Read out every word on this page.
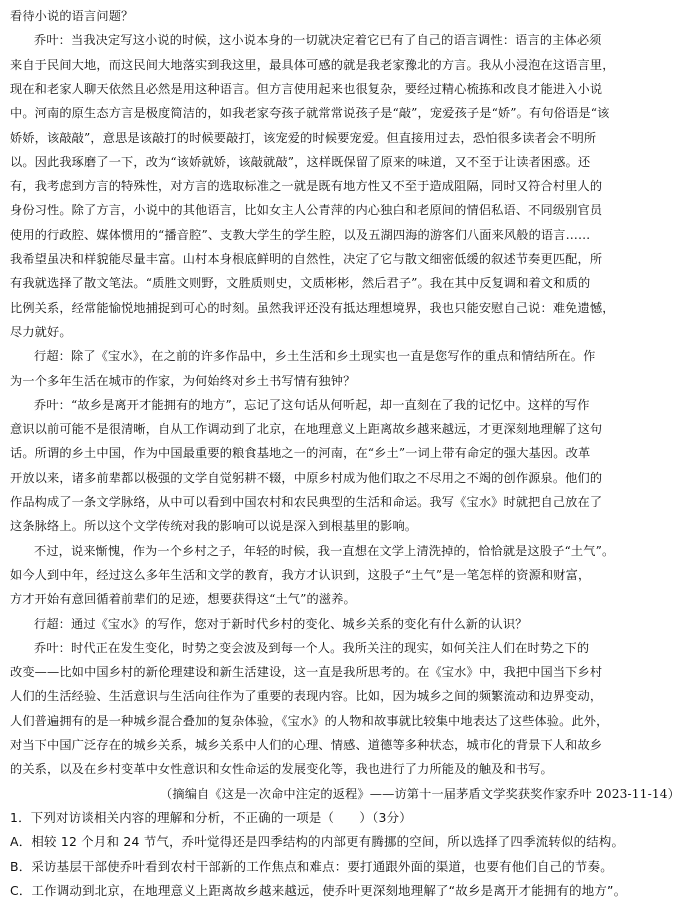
看待小说的语言问题？
乔叶：当我决定写这小说的时候，这小说本身的一切就决定着它已有了自己的语言调性：语言的主体必须
来自于民间大地，而这民间大地落实到我这里，最具体可感的就是我老家豫北的方言。我从小浸泡在这语言里，
现在和老家人聊天依然且必然是用这种语言。但方言使用起来也很复杂，要经过精心梳拣和改良才能进入小说
中。河南的原生态方言是极度简洁的，如我老家夸孩子就常常说孩子是“敲”，宠爱孩子是“娇”。有句俗语是“该
娇娇，该敲敲”，意思是该敲打的时候要敲打，该宠爱的时候要宠爱。但直接用过去，恐怕很多读者会不明所
以。因此我琢磨了一下，改为“该娇就娇，该敲就敲”，这样既保留了原来的味道，又不至于让读者困惑。还
有，我考虑到方言的特殊性，对方言的选取标准之一就是既有地方性又不至于造成阻隔，同时又符合村里人的
身份习性。除了方言，小说中的其他语言，比如女主人公青萍的内心独白和老原间的情侣私语、不同级别官员
使用的行政腔、媒体惯用的“播音腔”、支教大学生的学生腔，以及五湖四海的游客们八面来风般的语言……
我希望虽决和样貌能尽量丰富。山村本身根底鲜明的自然性，决定了它与散文细密低缓的叙述节奏更匹配，所
有我就选择了散文笔法。“质胜文则野，文胜质则史，文质彬彬，然后君子”。我在其中反复调和着文和质的
比例关系，经常能愉悦地捕捉到可心的时刻。虽然我评还没有抵达理想境界，我也只能安慰自己说：难免遗憾，
尽力就好。
行超：除了《宝水》，在之前的许多作品中，乡土生活和乡土现实也一直是您写作的重点和情结所在。作
为一个多年生活在城市的作家，为何始终对乡土书写情有独钟？
乔叶：“故乡是离开才能拥有的地方”，忘记了这句话从何听起，却一直刻在了我的记忆中。这样的写作
意识以前可能不是很清晰，自从工作调动到了北京，在地理意义上距离故乡越来越远，才更深刻地理解了这句
话。所谓的乡土中国，作为中国最重要的粮食基地之一的河南，在“乡土”一词上带有命定的强大基因。改革
开放以来，诸多前辈都以极强的文学自觉躬耕不辍，中原乡村成为他们取之不尽用之不竭的创作源泉。他们的
作品构成了一条文学脉络，从中可以看到中国农村和农民典型的生活和命运。我写《宝水》时就把自己放在了
这条脉络上。所以这个文学传统对我的影响可以说是深入到根基里的影响。
不过，说来惭愧，作为一个乡村之子，年轻的时候，我一直想在文学上清洗掉的，恰恰就是这股子“土气”。
如今人到中年，经过这么多年生活和文学的教育，我方才认识到，这股子“土气”是一笔怎样的资源和财富，
方才开始有意回循着前辈们的足迹，想要获得这“土气”的滋养。
行超：通过《宝水》的写作，您对于新时代乡村的变化、城乡关系的变化有什么新的认识？
乔叶：时代正在发生变化，时势之变会波及到每一个人。我所关注的现实，如何关注人们在时势之下的
改变——比如中国乡村的新伦理建设和新生活建设，这一直是我所思考的。在《宝水》中，我把中国当下乡村
人们的生活经验、生活意识与生活向往作为了重要的表现内容。比如，因为城乡之间的频繁流动和边界变动，
人们普遍拥有的是一种城乡混合叠加的复杂体验，《宝水》的人物和故事就比较集中地表达了这些体验。此外，
对当下中国广泛存在的城乡关系，城乡关系中人们的心理、情感、道德等多种状态，城市化的背景下人和故乡
的关系，以及在乡村变革中女性意识和女性命运的发展变化等，我也进行了力所能及的触及和书写。
（摘编自《这是一次命中注定的返程》——访第十一届茅盾文学奖获奖作家乔叶 2023-11-14）
1．下列对访谈相关内容的理解和分析，不正确的一项是（　　）（3分）
A．相较 12 个月和 24 节气，乔叶觉得还是四季结构的内部更有腾挪的空间，所以选择了四季流转似的结构。
B．采访基层干部使乔叶看到农村干部新的工作焦点和难点：要打通跟外面的渠道，也要有他们自己的节奏。
C．工作调动到北京，在地理意义上距离故乡越来越远，使乔叶更深刻地理解了“故乡是离开才能拥有的地方”。
